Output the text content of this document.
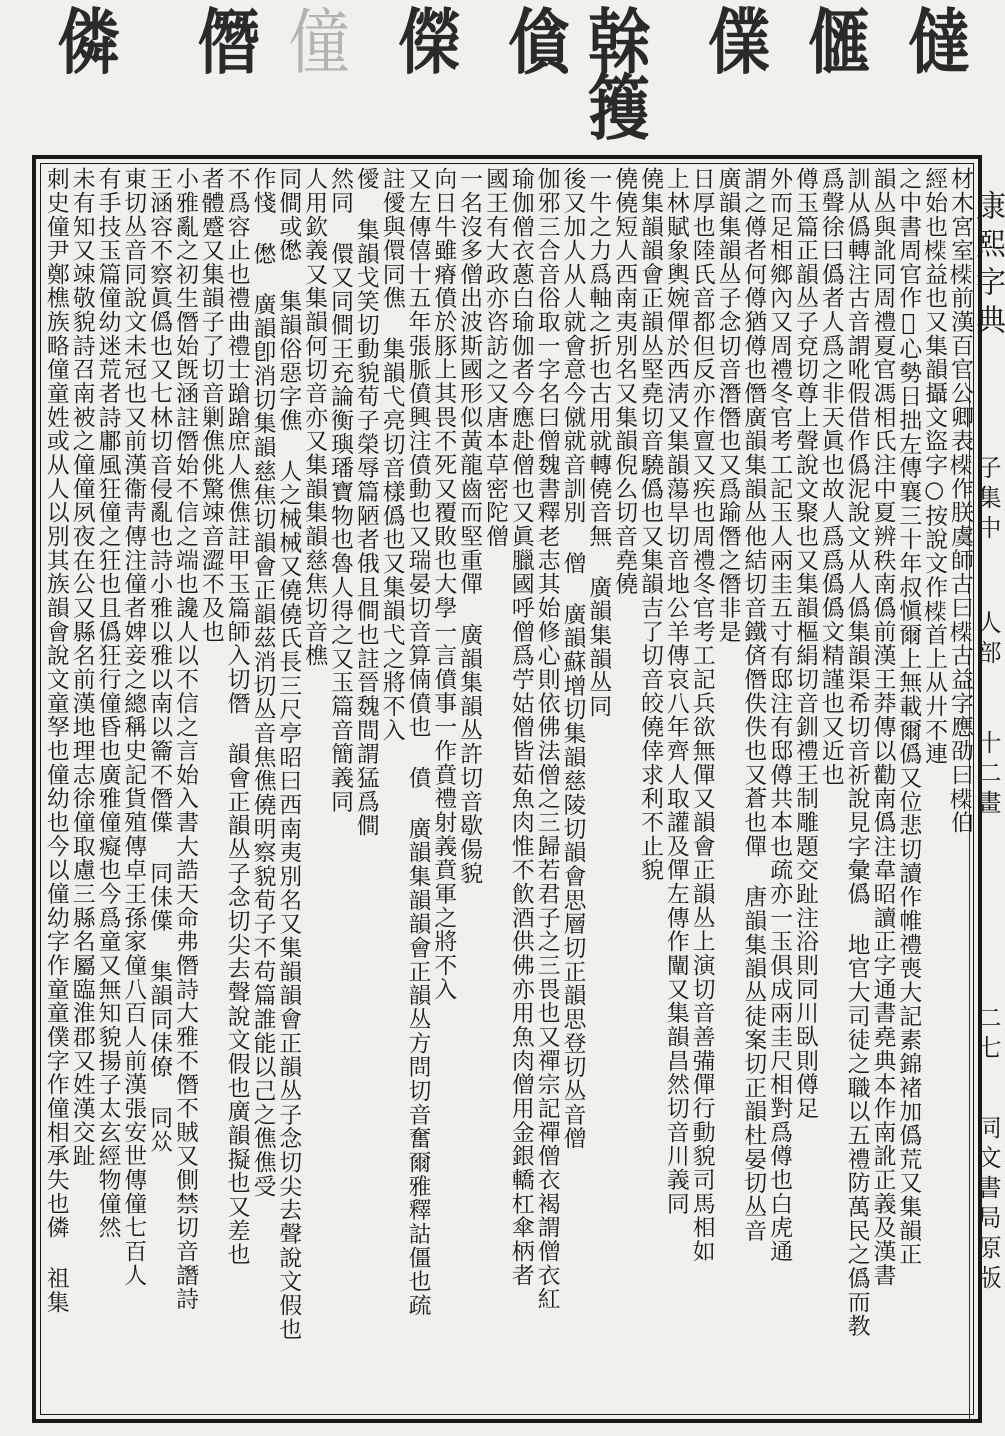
㒓
㒑
㒒
𠏉
䉟
僋
儝
僮
僭
僯
康熙字典
子集中
人部
十二畫
二七
同文書局原版
材木宮室𣚡前漢百官公卿表𣚡作朕虞師古曰𣚡古益字應劭曰𣚡伯
經始也𣚡益也又集韻攝文盜字○按說文作𣚡首上从廾不連
之中書周官作𠐷心勢日拙左傳襄三十年叔愼爾上無載爾僞又位悲切讀作帷禮喪大記素錦褚加僞荒又集韻正
韻丛與訛同周禮夏官馮相氏注中夏辨秩南僞前漢王莽傳以勸南僞注韋昭讀正字通書堯典本作南訛正義及漢書
訓从僞轉注古音謂吪假借作僞泥說文从人僞集韻渠希切音祈說見字彙僞 地官大司徒之職以五禮防萬民之僞而教
爲聲徐曰僞者人爲之非天眞也故人爲爲僞僞文精謹也又近也
僔玉篇正韻丛子兗切尊上聲說文聚也又集韻樞絹切音釧禮王制雕題交趾注浴則同川臥則僔足
外而足相鄉內又周禮冬官考工記玉人兩圭五寸有邸注有邸僔共本也疏亦一玉俱成兩圭尺相對爲僔也白虎通
謂之僔者何僔猶僔也僭廣韻集韻丛他結切音鐵㑪僭佚佚也又蒼也僤 唐韻集韻丛徒案切正韻杜晏切丛音
廣韻集韻丛子念切音潛僭也又爲踰僭之僭非是
日厚也陸氏音都但反亦作亶又疾也周禮冬官考工記兵欲無僤又韻會正韻丛上演切音善㣁僤行動貌司馬相如
上林賦象輿婉僤於西淸又集韻蕩旱切音地公羊傳哀八年齊人取讙及僤左傳作闡又集韻昌然切音川義同
僥集韻韻會正韻丛堅堯切音驍僞也又集韻吉了切音皎僥倖求利不止貌
僥僥短人西南夷別名又集韻倪么切音堯僥
一牛之力爲軸之折也古用就轉僥音無 廣韻集韻丛同
後又加人从人就會意今僦就音訓別 僧 廣韻蘇增切集韻慈陵切韻會思層切正韻思登切丛音僧
伽邪三合音俗取一字名曰僧魏書釋老志其始修心則依佛法僧之三歸若君子之三畏也又禪宗記禪僧衣褐謂僧衣紅
瑜伽僧衣蔥白瑜伽者今應赴僧也又眞臘國呼僧爲苧姑僧皆茹魚肉惟不飮酒供佛亦用魚肉僧用金銀轎杠傘柄者
國王有大政亦咨訪之又唐本草密陀僧
一名沒多僧出波斯國形似黃龍齒而堅重僤 廣韻集韻丛許切音歇偒貌
向日牛雖瘠僨於豚上其畏不死又覆敗也大學一言僨事一作賁禮射義賁軍之將不入
又左傳僖十五年張脈僨興注僨動也又瑞晏切音算㑲僨也 僨 廣韻集韻韻會正韻丛方問切音奮爾雅釋詁僵也疏
註僾與儇同僬 集韻弋亮切音樣僞也又集韻弋之將不入
僾 集韻戈笑切動貌荀子榮辱篇陋者俄且僴也註晉魏間謂猛爲僴
然同 儇又同僴王充論衡璵璠寶物也魯人得之又玉篇音簡義同
人用欽義又集韻何切音亦又集韻集韻慈焦切音樵
同僴或僽 集韻俗惡字僬 人之械械又僥僥氏長三尺亭昭曰西南夷別名又集韻韻會正韻丛子念切尖去聲說文假也
作㥇 僽 廣韻卽消切集韻慈焦切韻會正韻茲消切丛音焦僬僥明察貌荀子不苟篇誰能以己之僬僬受
不爲容止也禮曲禮士蹌蹌庶人僬僬註甲玉篇師入切僭 韻會正韻丛子念切尖去聲說文假也廣韻擬也又差也
者體蹙又集韻子了切音剿僬佻驚竦音澀不及也
小雅亂之初生僭始旣涵註僭始不信之端也讒人以不信之言始入書大誥天命弗僭詩大雅不僭不賊又側禁切音譖詩
王涵容不察眞僞也又七林切音侵亂也詩小雅以雅以南以籥不僭僷 同㑍僷 集韻同㑍僚 同𠈌
東切丛音同說文未冠也又前漢衞靑傳注僮者婢妾之總稱史記貨殖傳卓王孫家僮八百人前漢張安世傳僮七百人
有手技玉篇僮幼迷荒者詩鄘風狂僮之狂也且僞狂行僮昏也廣雅僮癡也今爲童又無知貌揚子太玄經物僮然
未有知又竦敬貌詩召南被之僮僮夙夜在公又縣名前漢地理志徐僮取慮三縣名屬臨淮郡又姓漢交趾
刺史僮尹鄭樵族略僮童姓或从人以別其族韻會說文童孥也僮幼也今以僮幼字作童童僕字作僮相承失也僯 祖集
